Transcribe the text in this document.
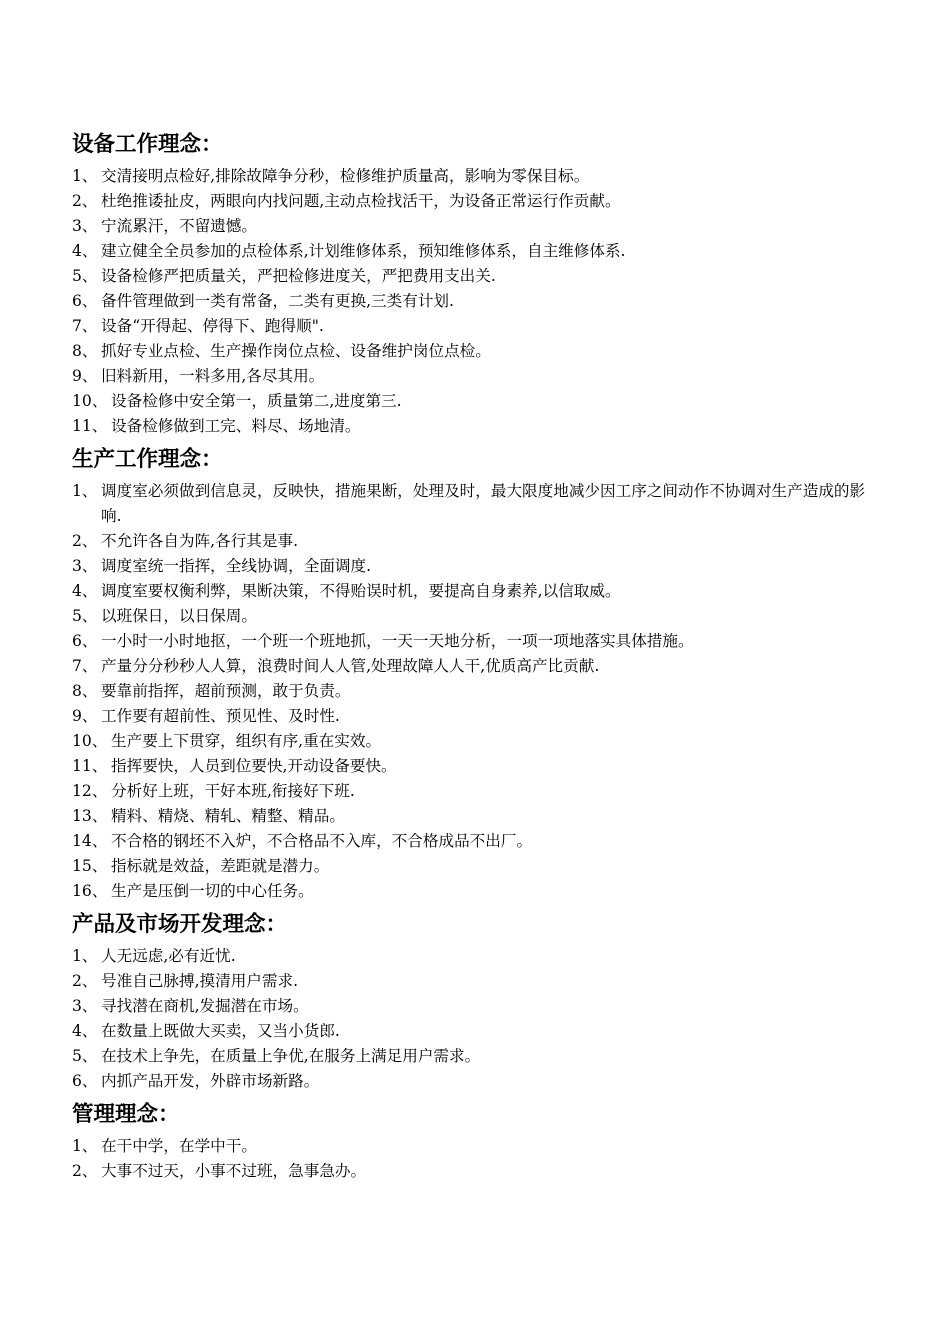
设备工作理念：
1、 交清接明点检好,排除故障争分秒，检修维护质量高，影响为零保目标。
2、 杜绝推诿扯皮，两眼向内找问题,主动点检找活干，为设备正常运行作贡献。
3、 宁流累汗，不留遗憾。
4、 建立健全全员参加的点检体系,计划维修体系，预知维修体系，自主维修体系.
5、 设备检修严把质量关，严把检修进度关，严把费用支出关.
6、 备件管理做到一类有常备，二类有更换,三类有计划.
7、 设备“开得起、停得下、跑得顺".
8、 抓好专业点检、生产操作岗位点检、设备维护岗位点检。
9、 旧料新用，一料多用,各尽其用。
10、 设备检修中安全第一，质量第二,进度第三.
11、 设备检修做到工完、料尽、场地清。
生产工作理念：
1、 调度室必须做到信息灵，反映快，措施果断，处理及时，最大限度地减少因工序之间动作不协调对生产造成的影响.
2、 不允许各自为阵,各行其是事.
3、 调度室统一指挥，全线协调，全面调度.
4、 调度室要权衡利弊，果断决策，不得贻误时机，要提高自身素养,以信取威。
5、 以班保日，以日保周。
6、 一小时一小时地抠，一个班一个班地抓，一天一天地分析，一项一项地落实具体措施。
7、 产量分分秒秒人人算，浪费时间人人管,处理故障人人干,优质高产比贡献.
8、 要靠前指挥，超前预测，敢于负责。
9、 工作要有超前性、预见性、及时性.
10、 生产要上下贯穿，组织有序,重在实效。
11、 指挥要快，人员到位要快,开动设备要快。
12、 分析好上班，干好本班,衔接好下班.
13、 精料、精烧、精轧、精整、精品。
14、 不合格的钢坯不入炉，不合格品不入库，不合格成品不出厂。
15、 指标就是效益，差距就是潜力。
16、 生产是压倒一切的中心任务。
产品及市场开发理念：
1、 人无远虑,必有近忧.
2、 号准自己脉搏,摸清用户需求.
3、 寻找潜在商机,发掘潜在市场。
4、 在数量上既做大买卖，又当小货郎.
5、 在技术上争先，在质量上争优,在服务上满足用户需求。
6、 内抓产品开发，外辟市场新路。
管理理念：
1、 在干中学，在学中干。
2、 大事不过天，小事不过班，急事急办。
